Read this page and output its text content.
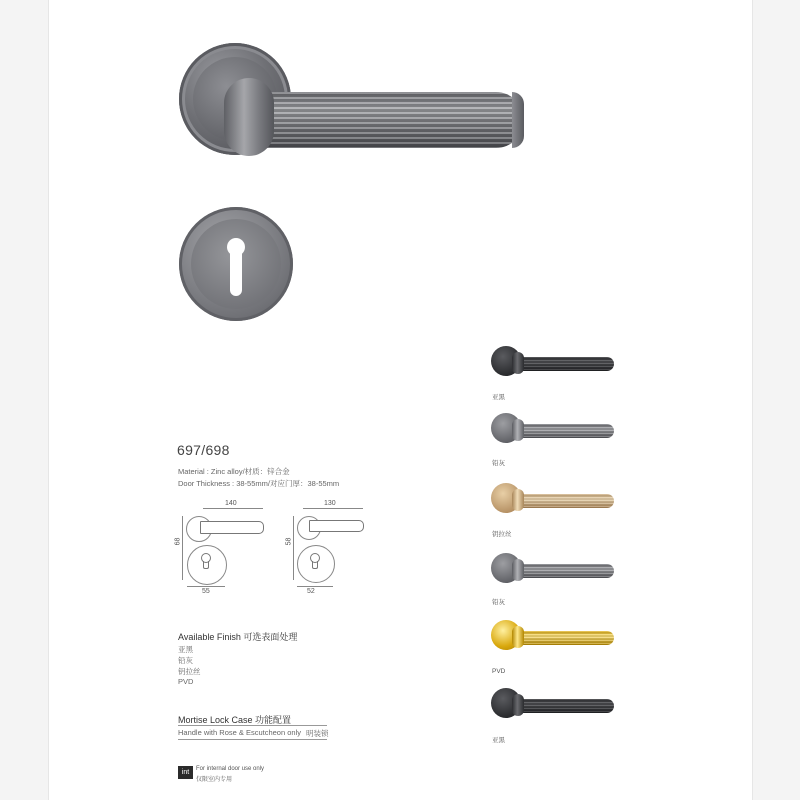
697/698
Material : Zinc alloy/材质：锌合金
Door Thickness : 38-55mm/对应门厚：38-55mm
140
68
55
130
58
52
Available Finish 可选表面处理
亚黑
铅灰
钥拉丝
PVD
Mortise Lock Case 功能配置
Handle with Rose & Escutcheon only 明装锁
int	For internal door use only
仅限室内专用
亚黑
铅灰
钥拉丝
铅灰
PVD
亚黑
